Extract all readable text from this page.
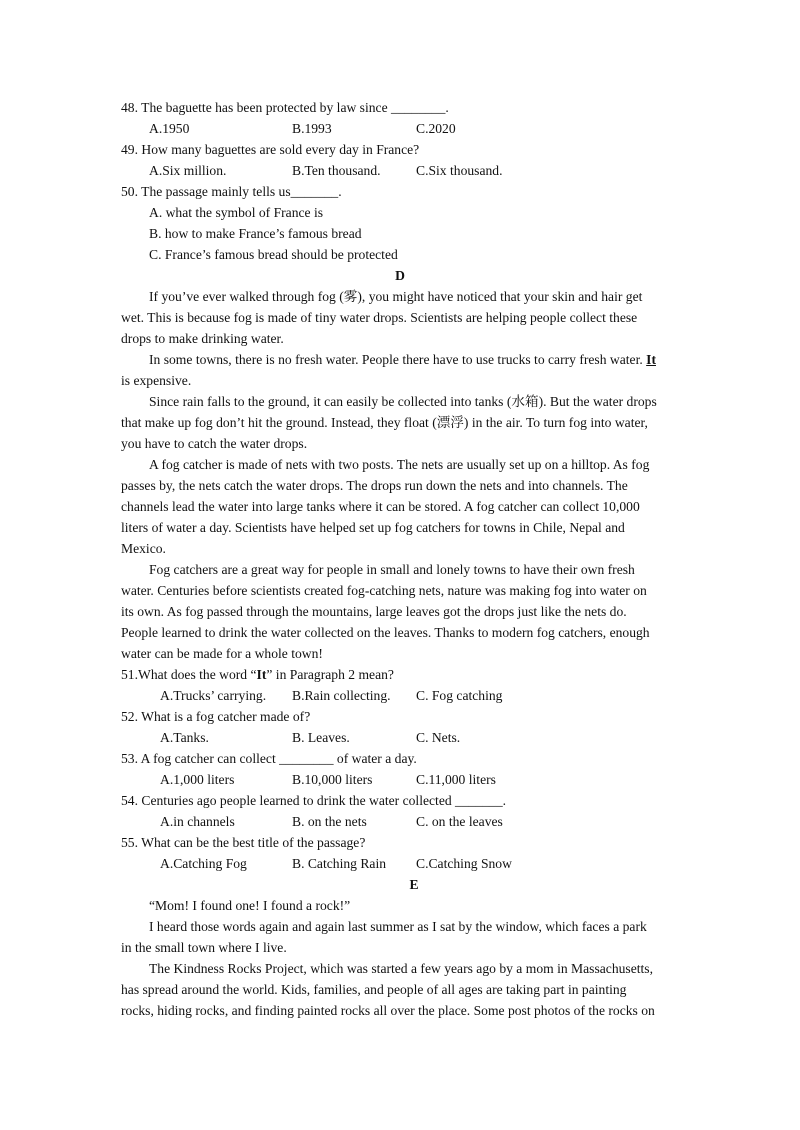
48. The baguette has been protected by law since ________.
A.1950	B.1993	C.2020
49. How many baguettes are sold every day in France?
A.Six million.	B.Ten thousand.	C.Six thousand.
50. The passage mainly tells us_______.
A. what the symbol of France is
B. how to make France’s famous bread
C. France’s famous bread should be protected
D
If you’ve ever walked through fog (雾), you might have noticed that your skin and hair get
wet. This is because fog is made of tiny water drops. Scientists are helping people collect these
drops to make drinking water.
In some towns, there is no fresh water. People there have to use trucks to carry fresh water. It
is expensive.
Since rain falls to the ground, it can easily be collected into tanks (水箱). But the water drops
that make up fog don’t hit the ground. Instead, they float (漂浮) in the air. To turn fog into water,
you have to catch the water drops.
A fog catcher is made of nets with two posts. The nets are usually set up on a hilltop. As fog
passes by, the nets catch the water drops. The drops run down the nets and into channels. The
channels lead the water into large tanks where it can be stored. A fog catcher can collect 10,000
liters of water a day. Scientists have helped set up fog catchers for towns in Chile, Nepal and
Mexico.
Fog catchers are a great way for people in small and lonely towns to have their own fresh
water. Centuries before scientists created fog-catching nets, nature was making fog into water on
its own. As fog passed through the mountains, large leaves got the drops just like the nets do.
People learned to drink the water collected on the leaves. Thanks to modern fog catchers, enough
water can be made for a whole town!
51.What does the word “It” in Paragraph 2 mean?
A.Trucks’ carrying. B.Rain collecting. C. Fog catching
52. What is a fog catcher made of?
A.Tanks.	B. Leaves.	C. Nets.
53. A fog catcher can collect ________ of water a day.
A.1,000 liters	B.10,000 liters	C.11,000 liters
54. Centuries ago people learned to drink the water collected _______.
A.in channels	B. on the nets	C. on the leaves
55. What can be the best title of the passage?
A.Catching Fog	B. Catching Rain C.Catching Snow
E
“Mom! I found one! I found a rock!”
I heard those words again and again last summer as I sat by the window, which faces a park
in the small town where I live.
The Kindness Rocks Project, which was started a few years ago by a mom in Massachusetts,
has spread around the world. Kids, families, and people of all ages are taking part in painting
rocks, hiding rocks, and finding painted rocks all over the place. Some post photos of the rocks on
